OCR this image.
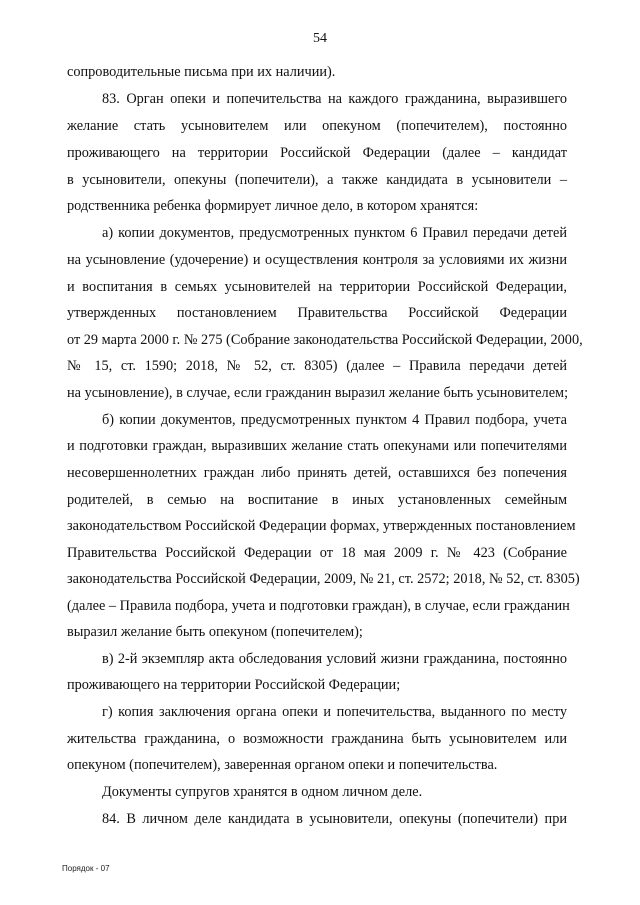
54
сопроводительные письма при их наличии).
83. Орган опеки и попечительства на каждого гражданина, выразившего
желание стать усыновителем или опекуном (попечителем), постоянно
проживающего на территории Российской Федерации (далее – кандидат
в усыновители, опекуны (попечители), а также кандидата в усыновители –
родственника ребенка формирует личное дело, в котором хранятся:
а) копии документов, предусмотренных пунктом 6 Правил передачи детей
на усыновление (удочерение) и осуществления контроля за условиями их жизни
и воспитания в семьях усыновителей на территории Российской Федерации,
утвержденных постановлением Правительства Российской Федерации
от 29 марта 2000 г. № 275 (Собрание законодательства Российской Федерации, 2000,
№ 15, ст. 1590; 2018, № 52, ст. 8305) (далее – Правила передачи детей
на усыновление), в случае, если гражданин выразил желание быть усыновителем;
б) копии документов, предусмотренных пунктом 4 Правил подбора, учета
и подготовки граждан, выразивших желание стать опекунами или попечителями
несовершеннолетних граждан либо принять детей, оставшихся без попечения
родителей, в семью на воспитание в иных установленных семейным
законодательством Российской Федерации формах, утвержденных постановлением
Правительства Российской Федерации от 18 мая 2009 г. № 423 (Собрание
законодательства Российской Федерации, 2009, № 21, ст. 2572; 2018, № 52, ст. 8305)
(далее – Правила подбора, учета и подготовки граждан), в случае, если гражданин
выразил желание быть опекуном (попечителем);
в) 2-й экземпляр акта обследования условий жизни гражданина, постоянно
проживающего на территории Российской Федерации;
г) копия заключения органа опеки и попечительства, выданного по месту
жительства гражданина, о возможности гражданина быть усыновителем или
опекуном (попечителем), заверенная органом опеки и попечительства.
Документы супругов хранятся в одном личном деле.
84. В личном деле кандидата в усыновители, опекуны (попечители) при
Порядок - 07
